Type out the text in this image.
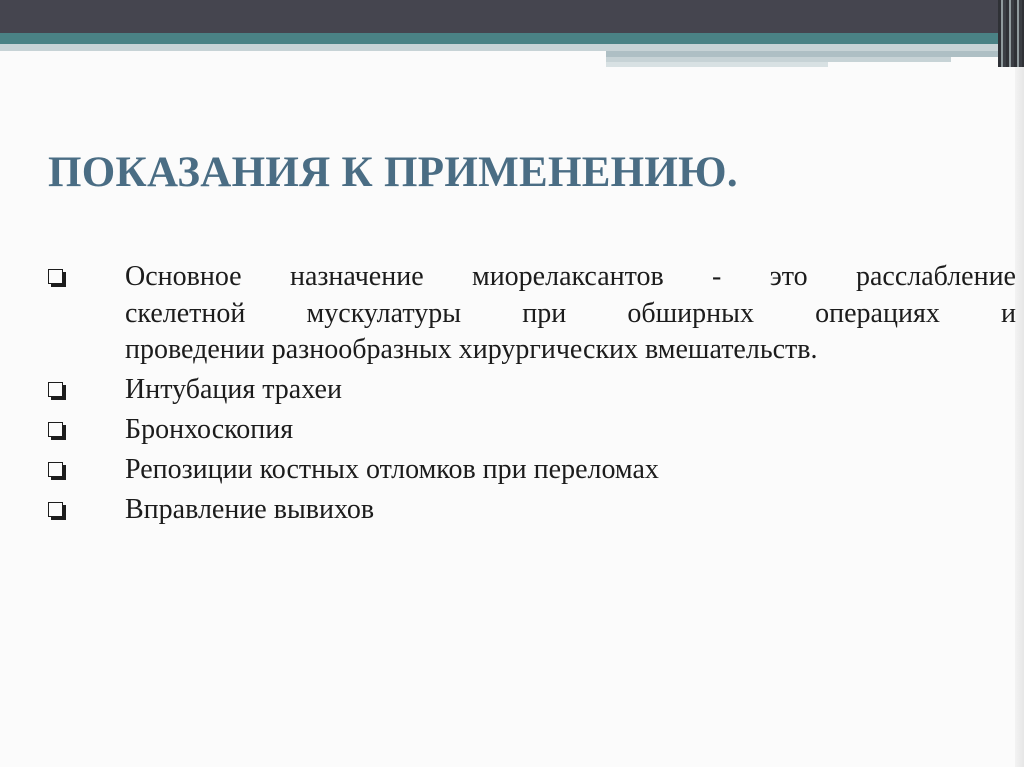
ПОКАЗАНИЯ К ПРИМЕНЕНИЮ.
Основное назначение миорелаксантов - это расслабление
скелетной мускулатуры при обширных операциях и
проведении разнообразных хирургических вмешательств.
Интубация трахеи
Бронхоскопия
Репозиции костных отломков при переломах
Вправление вывихов
